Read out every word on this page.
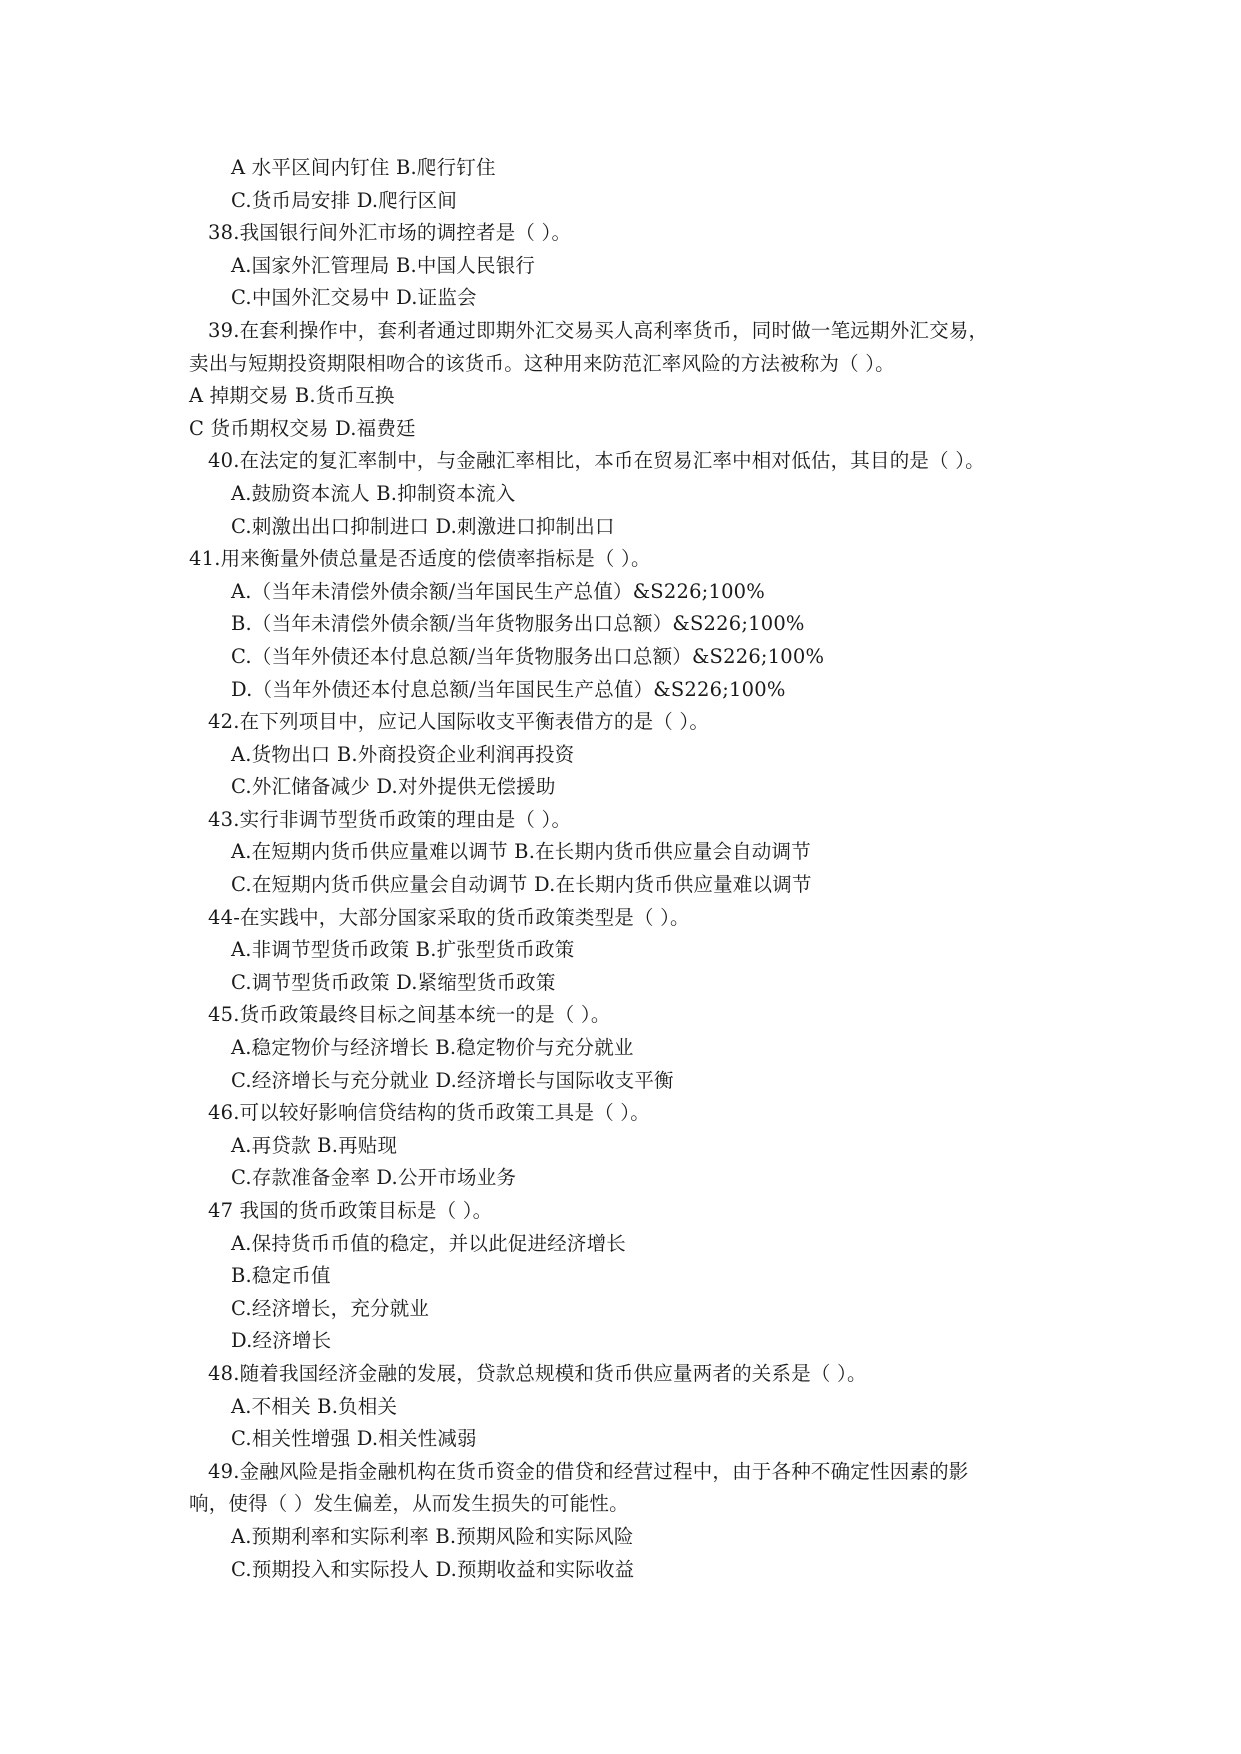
A 水平区间内钉住 B.爬行钉住
C.货币局安排 D.爬行区间
38.我国银行间外汇市场的调控者是（ ）。
A.国家外汇管理局 B.中国人民银行
C.中国外汇交易中 D.证监会
39.在套利操作中，套利者通过即期外汇交易买人高利率货币，同时做一笔远期外汇交易，
卖出与短期投资期限相吻合的该货币。这种用来防范汇率风险的方法被称为（ ）。
A 掉期交易 B.货币互换
C 货币期权交易 D.福费廷
40.在法定的复汇率制中，与金融汇率相比，本币在贸易汇率中相对低估，其目的是（ ）。
A.鼓励资本流人 B.抑制资本流入
C.刺激出出口抑制进口 D.刺激进口抑制出口
41.用来衡量外债总量是否适度的偿债率指标是（ ）。
A.（当年未清偿外债余额/当年国民生产总值）&S226;100%
B.（当年未清偿外债余额/当年货物服务出口总额）&S226;100%
C.（当年外债还本付息总额/当年货物服务出口总额）&S226;100%
D.（当年外债还本付息总额/当年国民生产总值）&S226;100%
42.在下列项目中，应记人国际收支平衡表借方的是（ ）。
A.货物出口 B.外商投资企业利润再投资
C.外汇储备减少 D.对外提供无偿援助
43.实行非调节型货币政策的理由是（ ）。
A.在短期内货币供应量难以调节 B.在长期内货币供应量会自动调节
C.在短期内货币供应量会自动调节 D.在长期内货币供应量难以调节
44-在实践中，大部分国家采取的货币政策类型是（ ）。
A.非调节型货币政策 B.扩张型货币政策
C.调节型货币政策 D.紧缩型货币政策
45.货币政策最终目标之间基本统一的是（ ）。
A.稳定物价与经济增长 B.稳定物价与充分就业
C.经济增长与充分就业 D.经济增长与国际收支平衡
46.可以较好影响信贷结构的货币政策工具是（ ）。
A.再贷款 B.再贴现
C.存款准备金率 D.公开市场业务
47 我国的货币政策目标是（ ）。
A.保持货币币值的稳定，并以此促进经济增长
B.稳定币值
C.经济增长，充分就业
D.经济增长
48.随着我国经济金融的发展，贷款总规模和货币供应量两者的关系是（ ）。
A.不相关 B.负相关
C.相关性增强 D.相关性减弱
49.金融风险是指金融机构在货币资金的借贷和经营过程中，由于各种不确定性因素的影
响，使得（ ）发生偏差，从而发生损失的可能性。
A.预期利率和实际利率 B.预期风险和实际风险
C.预期投入和实际投人 D.预期收益和实际收益
